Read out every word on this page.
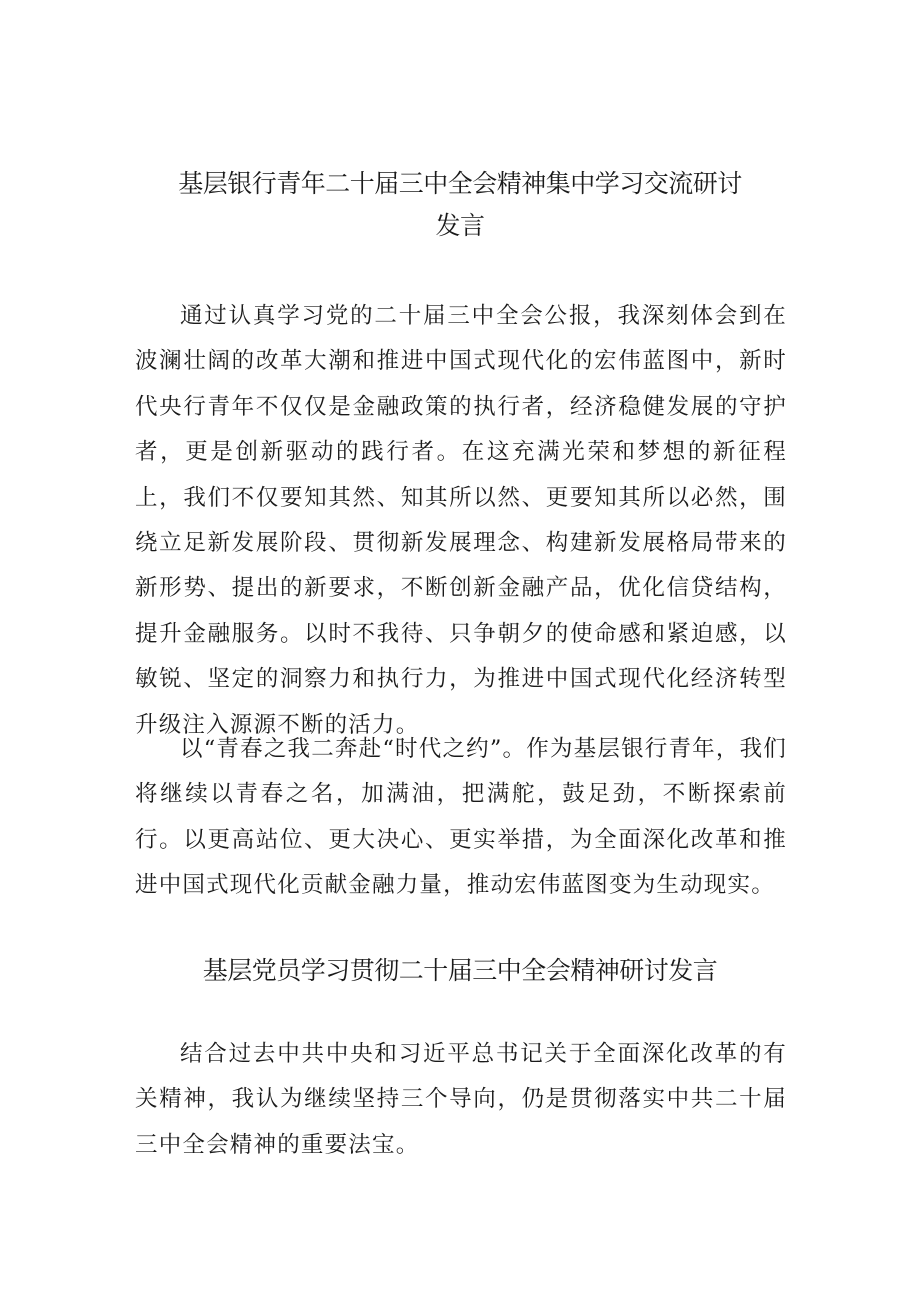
基层银行青年二十届三中全会精神集中学习交流研讨
发言

通过认真学习党的二十届三中全会公报，我深刻体会到在波澜壮阔的改革大潮和推进中国式现代化的宏伟蓝图中，新时代央行青年不仅仅是金融政策的执行者，经济稳健发展的守护者，更是创新驱动的践行者。在这充满光荣和梦想的新征程上，我们不仅要知其然、知其所以然、更要知其所以必然，围绕立足新发展阶段、贯彻新发展理念、构建新发展格局带来的新形势、提出的新要求，不断创新金融产品，优化信贷结构，提升金融服务。以时不我待、只争朝夕的使命感和紧迫感，以敏锐、坚定的洞察力和执行力，为推进中国式现代化经济转型升级注入源源不断的活力。

以“青春之我二奔赴“时代之约”。作为基层银行青年，我们将继续以青春之名，加满油，把满舵，鼓足劲，不断探索前行。以更高站位、更大决心、更实举措，为全面深化改革和推进中国式现代化贡献金融力量，推动宏伟蓝图变为生动现实。

基层党员学习贯彻二十届三中全会精神研讨发言

结合过去中共中央和习近平总书记关于全面深化改革的有关精神，我认为继续坚持三个导向，仍是贯彻落实中共二十届三中全会精神的重要法宝。
